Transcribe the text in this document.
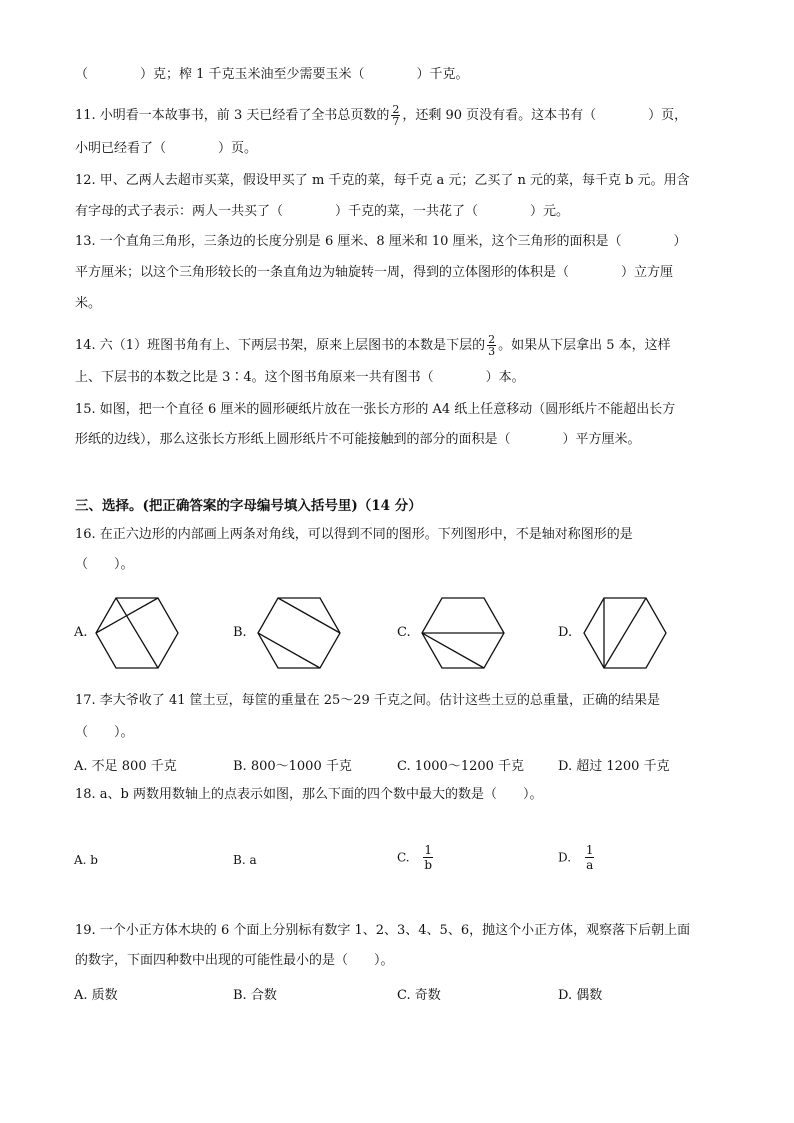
（　　　　）克；榨 1 千克玉米油至少需要玉米（　　　　）千克。
11. 小明看一本故事书，前 3 天已经看了全书总页数的 $\frac{2}{7}$ ，还剩 90 页没有看。这本书有（　　　　）页，
小明已经看了（　　　　）页。
12. 甲、乙两人去超市买菜，假设甲买了 m 千克的菜，每千克 a 元；乙买了 n 元的菜，每千克 b 元。用含
有字母的式子表示：两人一共买了（　　　　）千克的菜，一共花了（　　　　）元。
13. 一个直角三角形，三条边的长度分别是 6 厘米、8 厘米和 10 厘米，这个三角形的面积是（　　　　）
平方厘米；以这个三角形较长的一条直角边为轴旋转一周，得到的立体图形的体积是（　　　　）立方厘
米。
14. 六（1）班图书角有上、下两层书架，原来上层图书的本数是下层的 $\frac{2}{3}$ 。如果从下层拿出 5 本，这样
上、下层书的本数之比是 3∶4。这个图书角原来一共有图书（　　　　）本。
15. 如图，把一个直径 6 厘米的圆形硬纸片放在一张长方形的 A4 纸上任意移动（圆形纸片不能超出长方
形纸的边线），那么这张长方形纸上圆形纸片不可能接触到的部分的面积是（　　　　）平方厘米。
三、选择。(把正确答案的字母编号填入括号里)（14 分）
16. 在正六边形的内部画上两条对角线，可以得到不同的图形。下列图形中，不是轴对称图形的是
（　　）。
A.	B.	C.	D.
17. 李大爷收了 41 筐土豆，每筐的重量在 25～29 千克之间。估计这些土豆的总重量，正确的结果是
（　　）。
A. 不足 800 千克	B. 800～1000 千克	C. 1000～1200 千克	D. 超过 1200 千克
18. a、b 两数用数轴上的点表示如图，那么下面的四个数中最大的数是（　　）。
A. b	B. a	C. $\frac{1}{b}$	D. $\frac{1}{a}$
19. 一个小正方体木块的 6 个面上分别标有数字 1、2、3、4、5、6，抛这个小正方体，观察落下后朝上面
的数字，下面四种数中出现的可能性最小的是（　　）。
A. 质数	B. 合数	C. 奇数	D. 偶数
